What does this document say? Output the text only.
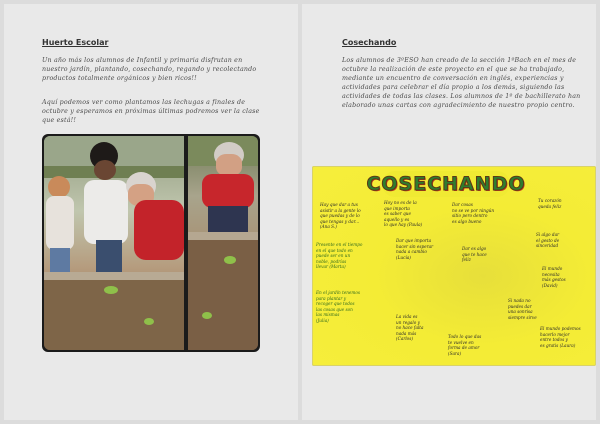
Huerto Escolar
Un año más los alumnos de Infantil y primaria disfrutan en nuestro jardín, plantando, cosechando, regando y recolectando productos totalmente orgánicos y bien ricos!!
Aquí podemos ver como plantamos las lechugas a finales de octubre y esperamos en próximas últimas podremos ver la clase que está!!
Cosechando
Los alumnos de 3ºESO han creado de la sección 1ºBach en el mes de octubre la realización de este proyecto en el que se ha trabajado, mediante un encuentro de conversación en inglés, experiencias y actividades para celebrar el día propio a los demás, siguiendo las actividades de todas las clases. Los alumnos de 1º de bachillerato han elaborado unas cartas con agradecimiento de nuestro propio centro.
COSECHANDO
Hay que dar a tus
asistir a la gente lo
que puedas y de lo
que tengas y dar...
(Ana S.)
Hoy no es de la
que importa
es saber que
aquello y es
lo que hay (Paula)
Dar cosas
no se ve por ningún
sitio pero dentro
es algo bueno
Tu corazón
queda feliz
Presente en el tiempo
en el que todo en
puede ser en un
noble, podrías
llevar (Marta)
Dar que importa
hacer sin esperar
nada a cambio
(Lucía)
Dar es algo
que te hace
feliz
Si algo dar
el gesto de
sinceridad
En el jardín tenemos
para plantar y
recoger que todos
las cosas que son
las mismas
(Julia)
La vida es
un regalo y
no hace falta
nada más
(Carlos)	Todo lo que das
te vuelve en
forma de amor
(Sara)
Si nada no
puedes dar
una sonrisa
siempre sirve
El mundo
necesita
más gestos
(David)
El mundo podemos
hacerlo mejor
entre todos y
es gratis (Laura)
